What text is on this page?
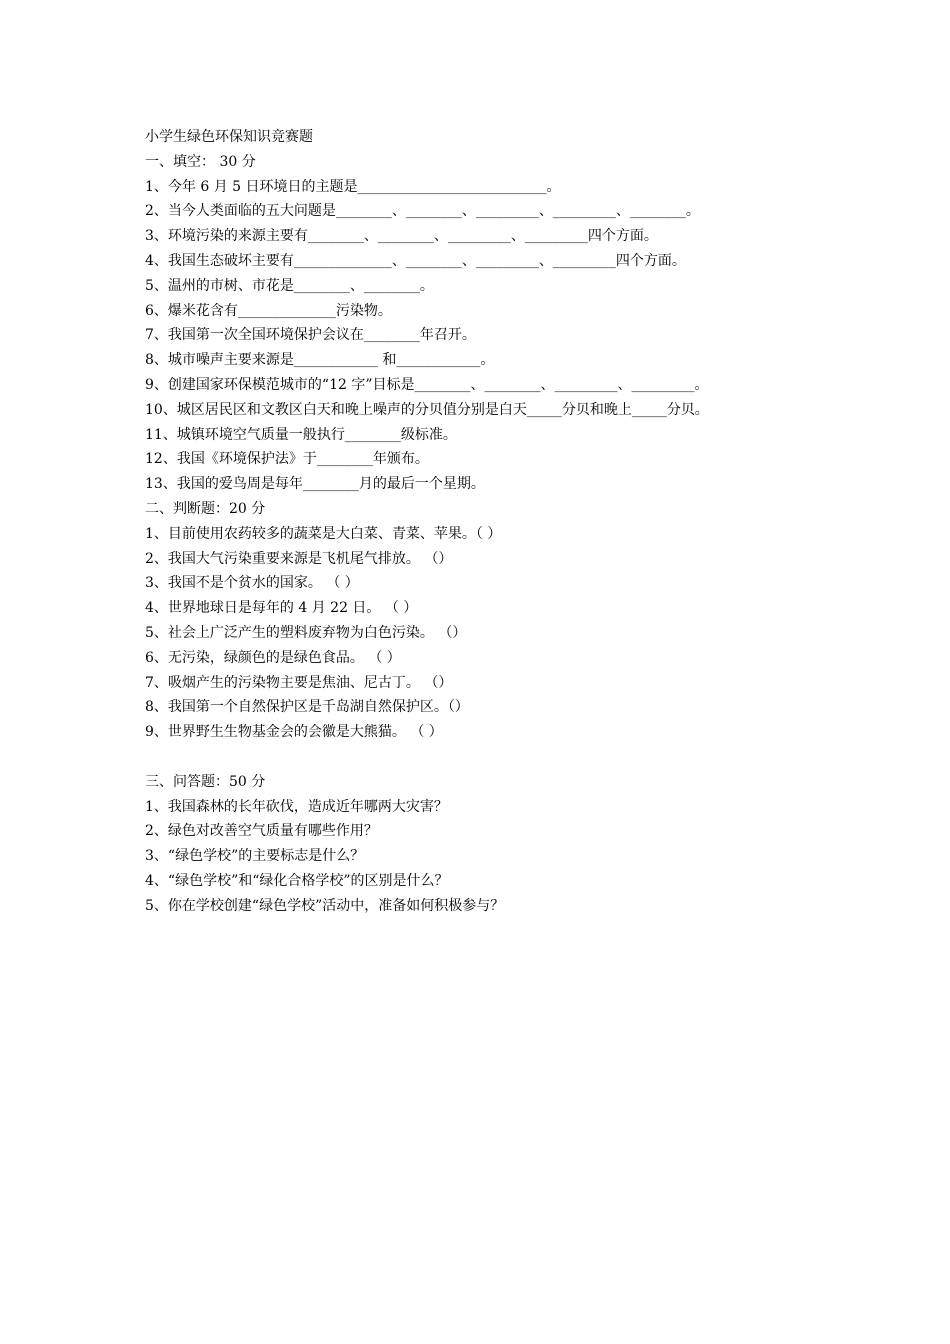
小学生绿色环保知识竞赛题
一、填空： 30 分
1、今年 6 月 5 日环境日的主题是___________________________。
2、当今人类面临的五大问题是________、________、_________、_________、________。
3、环境污染的来源主要有________、________、_________、_________四个方面。
4、我国生态破坏主要有______________、________、_________、_________四个方面。
5、温州的市树、市花是________、________。
6、爆米花含有______________污染物。
7、我国第一次全国环境保护会议在________年召开。
8、城市噪声主要来源是____________ 和____________。
9、创建国家环保模范城市的“12 字”目标是________、________、_________、_________。
10、城区居民区和文教区白天和晚上噪声的分贝值分别是白天_____分贝和晚上_____分贝。
11、城镇环境空气质量一般执行________级标准。
12、我国《环境保护法》于________年颁布。
13、我国的爱鸟周是每年________月的最后一个星期。
二、判断题：20 分
1、目前使用农药较多的蔬菜是大白菜、青菜、苹果。（ ）
2、我国大气污染重要来源是飞机尾气排放。 （）
3、我国不是个贫水的国家。 （ ）
4、世界地球日是每年的 4 月 22 日。 （ ）
5、社会上广泛产生的塑料废弃物为白色污染。 （）
6、无污染，绿颜色的是绿色食品。 （ ）
7、吸烟产生的污染物主要是焦油、尼古丁。 （）
8、我国第一个自然保护区是千岛湖自然保护区。（）
9、世界野生生物基金会的会徽是大熊猫。 （ ）
三、问答题：50 分
1、我国森林的长年砍伐，造成近年哪两大灾害？
2、绿色对改善空气质量有哪些作用？
3、“绿色学校”的主要标志是什么？
4、“绿色学校”和“绿化合格学校”的区别是什么？
5、你在学校创建“绿色学校”活动中，准备如何积极参与？
